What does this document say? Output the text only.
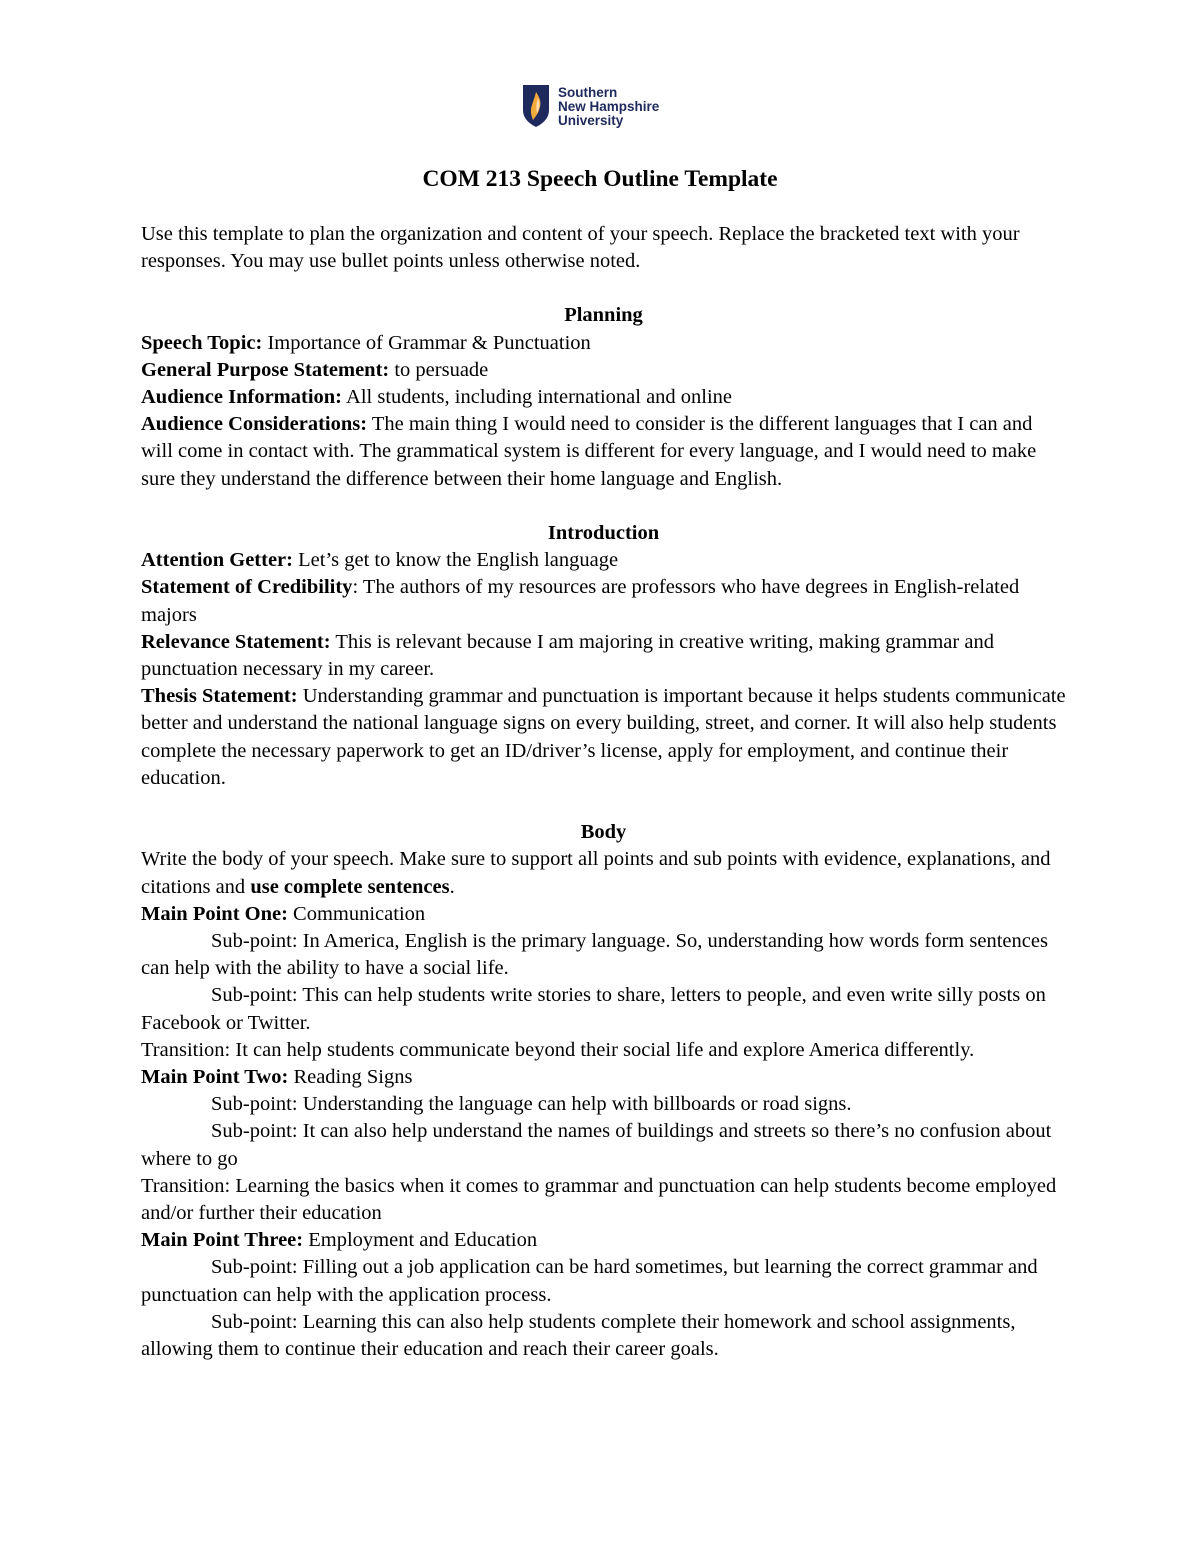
Southern
New Hampshire
University
COM 213 Speech Outline Template

Use this template to plan the organization and content of your speech. Replace the bracketed text with your responses. You may use bullet points unless otherwise noted.

Planning

Speech Topic: Importance of Grammar & Punctuation

General Purpose Statement: to persuade

Audience Information: All students, including international and online

Audience Considerations: The main thing I would need to consider is the different languages that I can and will come in contact with. The grammatical system is different for every language, and I would need to make sure they understand the difference between their home language and English.

Introduction

Attention Getter: Let’s get to know the English language

Statement of Credibility: The authors of my resources are professors who have degrees in English-related majors

Relevance Statement: This is relevant because I am majoring in creative writing, making grammar and punctuation necessary in my career.

Thesis Statement: Understanding grammar and punctuation is important because it helps students communicate better and understand the national language signs on every building, street, and corner. It will also help students complete the necessary paperwork to get an ID/driver’s license, apply for employment, and continue their education.

Body

Write the body of your speech. Make sure to support all points and sub points with evidence, explanations, and citations and use complete sentences.

Main Point One: Communication

Sub-point: In America, English is the primary language. So, understanding how words form sentences can help with the ability to have a social life.

Sub-point: This can help students write stories to share, letters to people, and even write silly posts on Facebook or Twitter.

Transition: It can help students communicate beyond their social life and explore America differently.

Main Point Two: Reading Signs

Sub-point: Understanding the language can help with billboards or road signs.

Sub-point: It can also help understand the names of buildings and streets so there’s no confusion about where to go

Transition: Learning the basics when it comes to grammar and punctuation can help students become employed and/or further their education

Main Point Three: Employment and Education

Sub-point: Filling out a job application can be hard sometimes, but learning the correct grammar and punctuation can help with the application process.

Sub-point: Learning this can also help students complete their homework and school assignments, allowing them to continue their education and reach their career goals.
